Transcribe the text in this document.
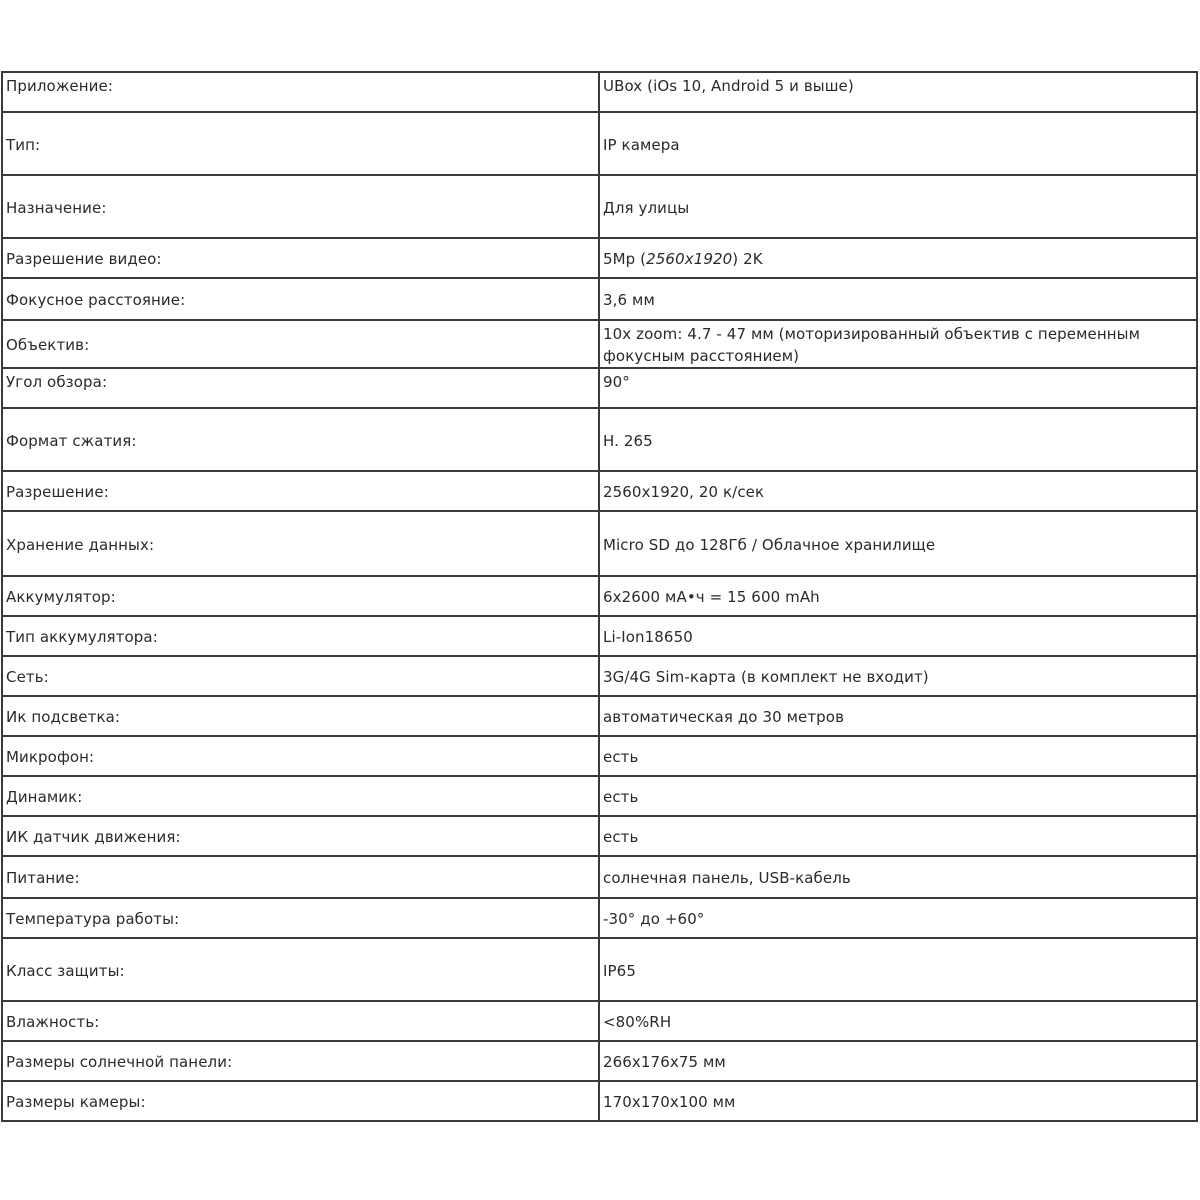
Приложение:	UBox (iOs 10, Android 5 и выше)
Тип:	IP камера
Назначение:	Для улицы
Разрешение видео:	5Mp (2560x1920) 2K
Фокусное расстояние:	3,6 мм
Объектив:	10x zoom: 4.7 - 47 мм (моторизированный объектив с переменным фокусным расстоянием)
Угол обзора:	90°
Формат сжатия:	H. 265
Разрешение:	2560x1920, 20 к/сек
Хранение данных:	Micro SD до 128Гб / Облачное хранилище
Аккумулятор:	6x2600 мА•ч = 15 600 mAh
Тип аккумулятора:	Li-Ion18650
Сеть:	3G/4G Sim-карта (в комплект не входит)
Ик подсветка:	автоматическая до 30 метров
Микрофон:	есть
Динамик:	есть
ИК датчик движения:	есть
Питание:	солнечная панель, USB-кабель
Температура работы:	-30° до +60°
Класс защиты:	IP65
Влажность:	<80%RH
Размеры солнечной панели:	266x176x75 мм
Размеры камеры:	170x170x100 мм
